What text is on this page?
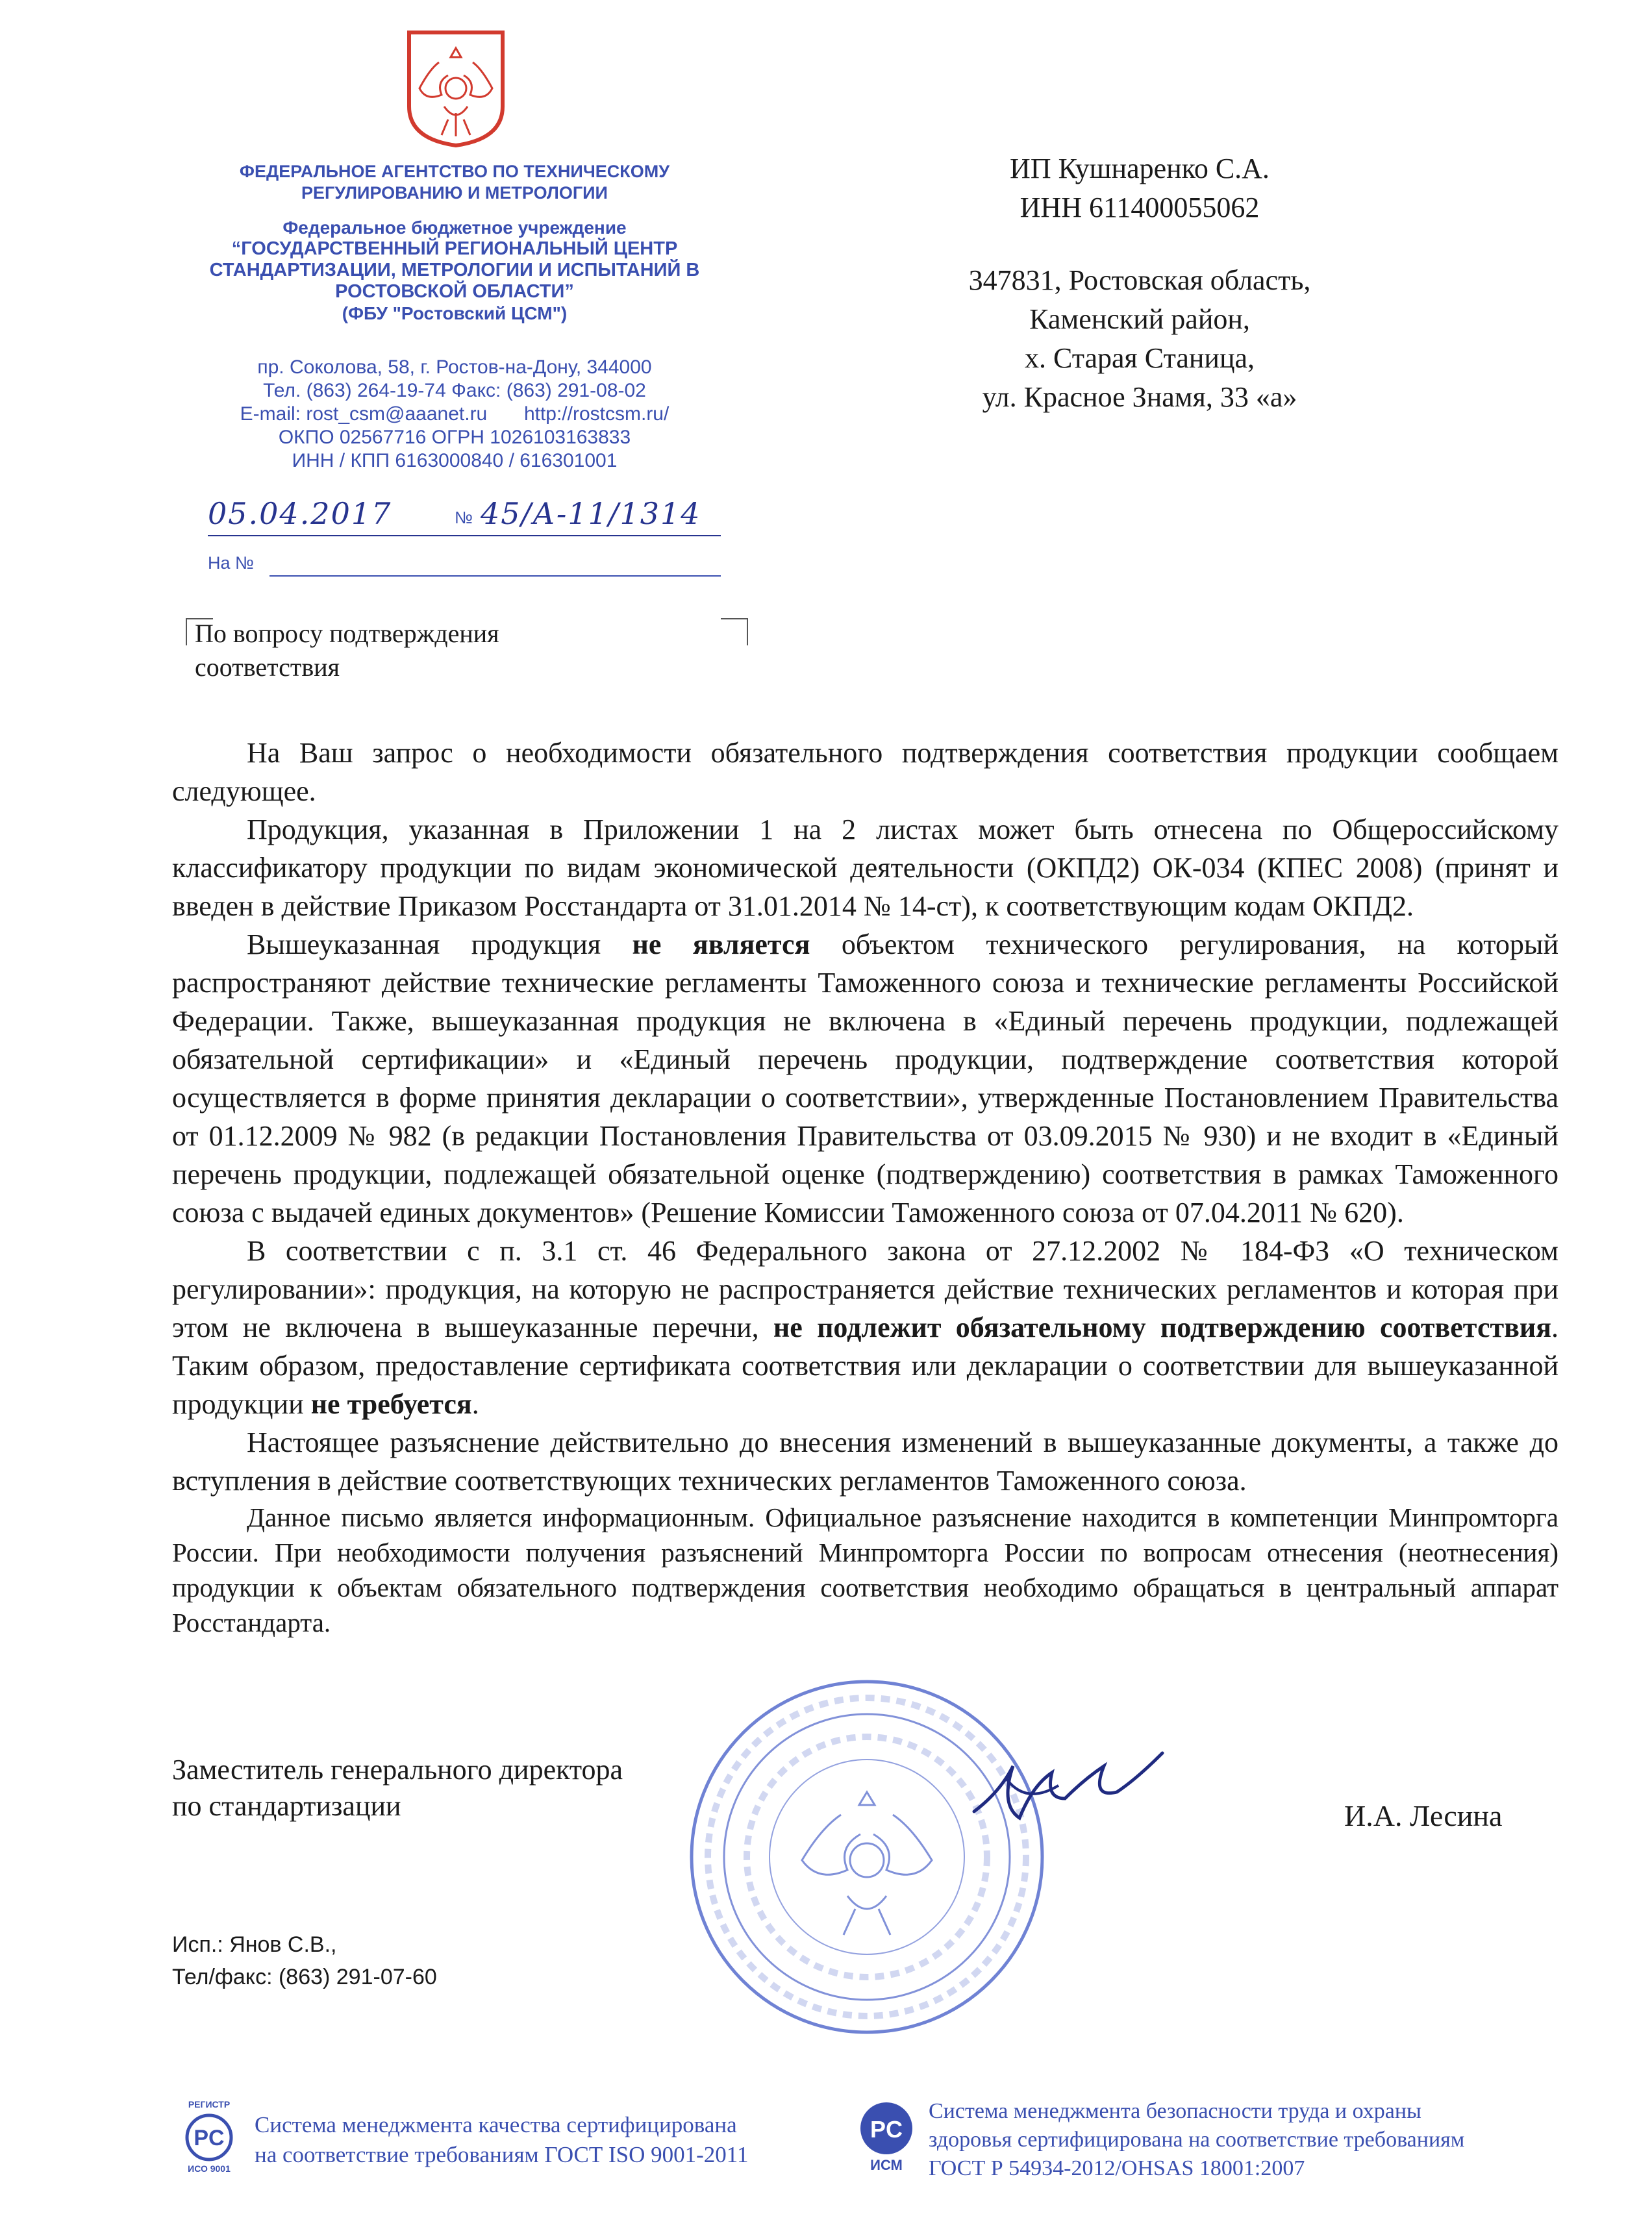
ФЕДЕРАЛЬНОЕ АГЕНТСТВО ПО ТЕХНИЧЕСКОМУ РЕГУЛИРОВАНИЮ И МЕТРОЛОГИИ
Федеральное бюджетное учреждение
“ГОСУДАРСТВЕННЫЙ РЕГИОНАЛЬНЫЙ ЦЕНТР СТАНДАРТИЗАЦИИ, МЕТРОЛОГИИ И ИСПЫТАНИЙ В РОСТОВСКОЙ ОБЛАСТИ”
(ФБУ "Ростовский ЦСМ")
пр. Соколова, 58, г. Ростов-на-Дону, 344000
Тел. (863) 264-19-74 Факс: (863) 291-08-02
E-mail: rost_csm@aaanet.ru http://rostcsm.ru/
ОКПО 02567716 ОГРН 1026103163833
ИНН / КПП 6163000840 / 616301001
05.04.2017	№ 45/А-11/1314
На №
ИП Кушнаренко С.А.
ИНН 611400055062
347831, Ростовская область,
Каменский район,
х. Старая Станица,
ул. Красное Знамя, 33 «а»
По вопросу подтверждения
соответствия

На Ваш запрос о необходимости обязательного подтверждения соответствия продукции сообщаем следующее.

Продукция, указанная в Приложении 1 на 2 листах может быть отнесена по Общероссийскому классификатору продукции по видам экономической деятельности (ОКПД2) ОК-034 (КПЕС 2008) (принят и введен в действие Приказом Росстандарта от 31.01.2014 № 14-ст), к соответствующим кодам ОКПД2.

Вышеуказанная продукция не является объектом технического регулирования, на который распространяют действие технические регламенты Таможенного союза и технические регламенты Российской Федерации. Также, вышеуказанная продукция не включена в «Единый перечень продукции, подлежащей обязательной сертификации» и «Единый перечень продукции, подтверждение соответствия которой осуществляется в форме принятия декларации о соответствии», утвержденные Постановлением Правительства от 01.12.2009 № 982 (в редакции Постановления Правительства от 03.09.2015 № 930) и не входит в «Единый перечень продукции, подлежащей обязательной оценке (подтверждению) соответствия в рамках Таможенного союза с выдачей единых документов» (Решение Комиссии Таможенного союза от 07.04.2011 № 620).

В соответствии с п. 3.1 ст. 46 Федерального закона от 27.12.2002 № 184-ФЗ «О техническом регулировании»: продукция, на которую не распространяется действие технических регламентов и которая при этом не включена в вышеуказанные перечни, не подлежит обязательному подтверждению соответствия. Таким образом, предоставление сертификата соответствия или декларации о соответствии для вышеуказанной продукции не требуется.

Настоящее разъяснение действительно до внесения изменений в вышеуказанные документы, а также до вступления в действие соответствующих технических регламентов Таможенного союза.

Данное письмо является информационным. Официальное разъяснение находится в компетенции Минпромторга России. При необходимости получения разъяснений Минпромторга России по вопросам отнесения (неотнесения) продукции к объектам обязательного подтверждения соответствия необходимо обращаться в центральный аппарат Росстандарта.

Заместитель генерального директора
по стандартизации	И.А. Лесина
Исп.: Янов С.В.,
Тел/факс: (863) 291-07-60
РЕГИСТР
PC
ИСО 9001
Система менеджмента качества сертифицирована
на соответствие требованиям ГОСТ ISO 9001-2011
PC
ИСМ
Система менеджмента безопасности труда и охраны
здоровья сертифицирована на соответствие требованиям
ГОСТ Р 54934-2012/OHSAS 18001:2007
